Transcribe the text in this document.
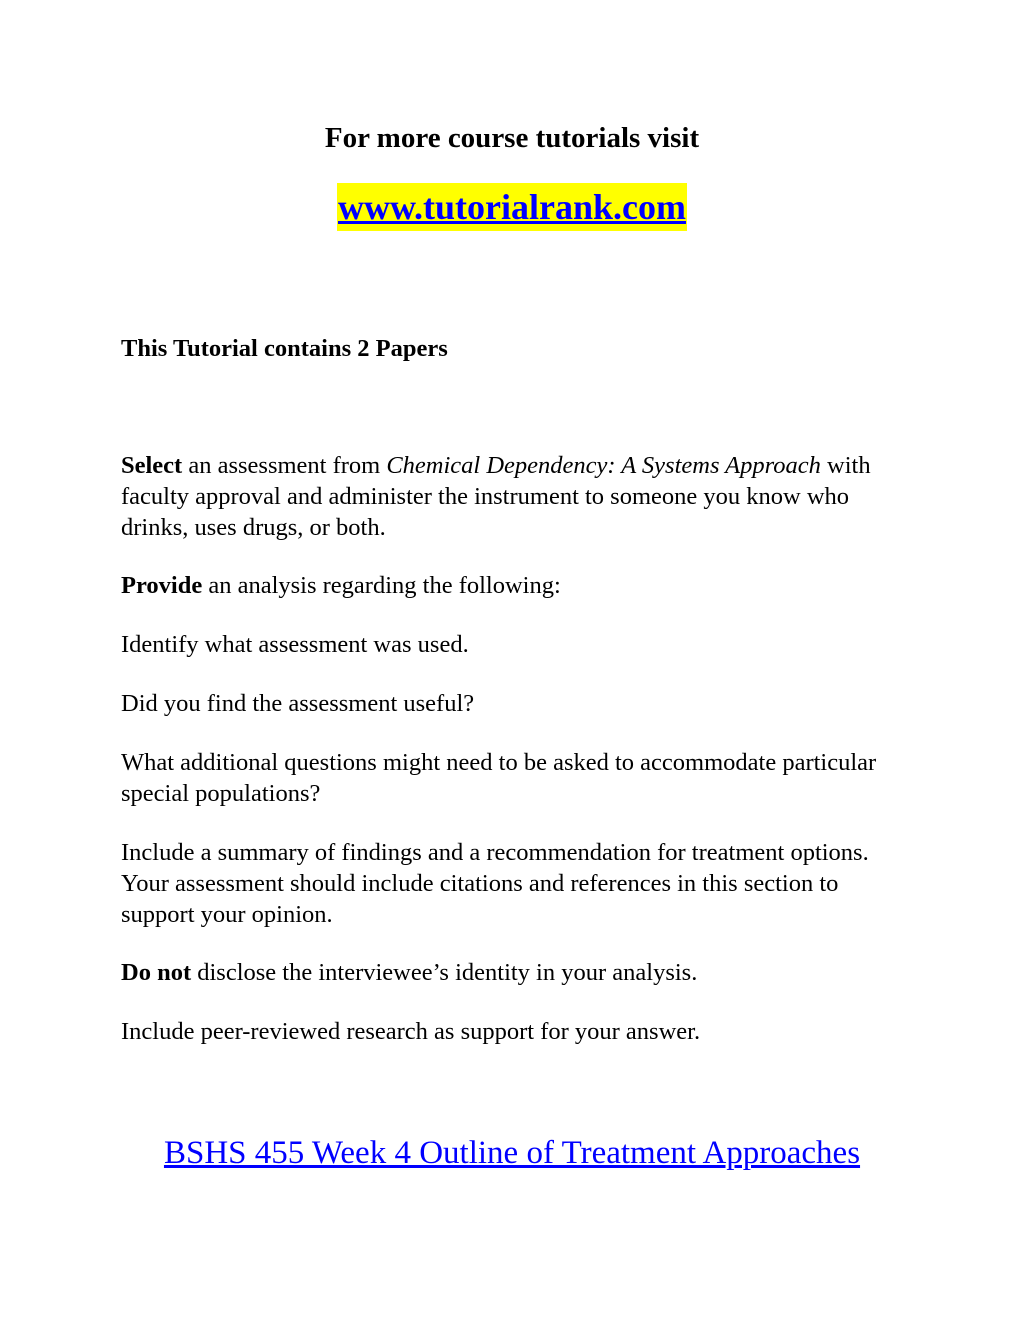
For more course tutorials visit
www.tutorialrank.com
This Tutorial contains 2 Papers

Select an assessment from Chemical Dependency: A Systems Approach with faculty approval and administer the instrument to someone you know who drinks, uses drugs, or both.

Provide an analysis regarding the following:

Identify what assessment was used.
Did you find the assessment useful?
What additional questions might need to be asked to accommodate particular special populations?
Include a summary of findings and a recommendation for treatment options. Your assessment should include citations and references in this section to support your opinion.

Do not disclose the interviewee’s identity in your analysis.

Include peer-reviewed research as support for your answer.
BSHS 455 Week 4 Outline of Treatment Approaches
